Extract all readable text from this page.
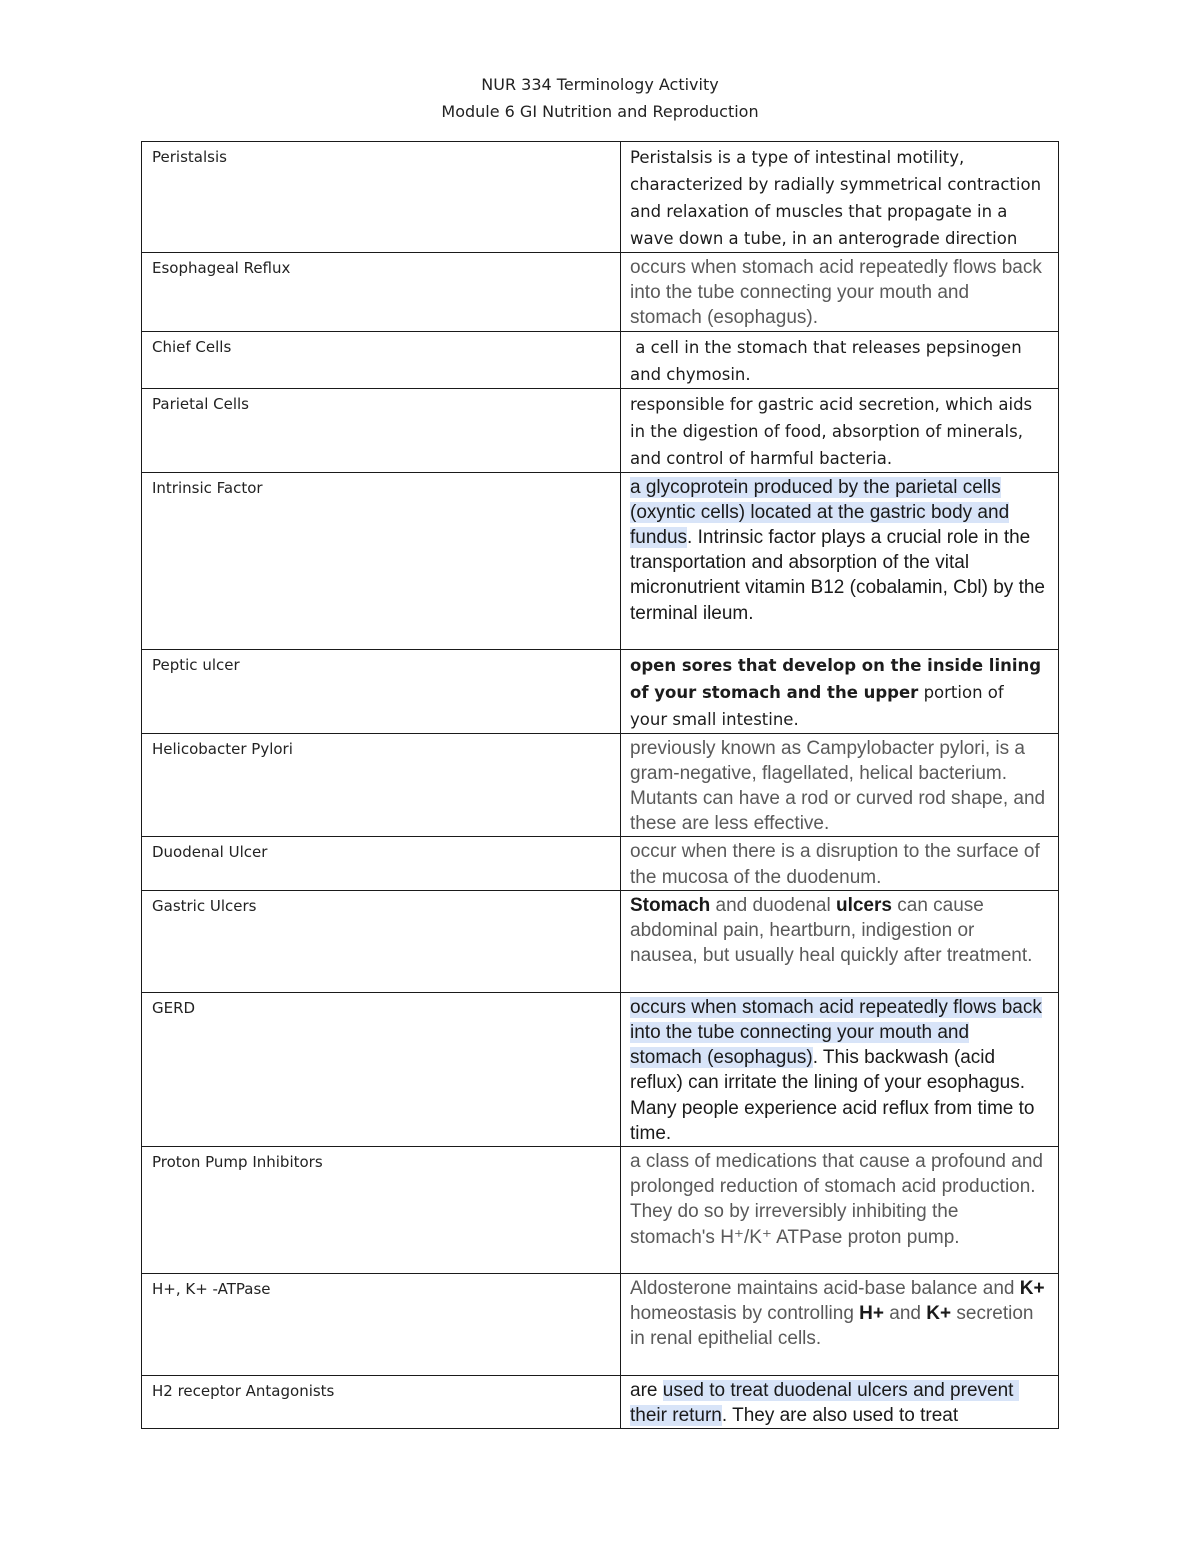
NUR 334 Terminology Activity
Module 6 GI Nutrition and Reproduction
Peristalsis	Peristalsis is a type of intestinal motility, characterized by radially symmetrical contraction and relaxation of muscles that propagate in a wave down a tube, in an anterograde direction

Esophageal Reflux	occurs when stomach acid repeatedly flows back into the tube connecting your mouth and stomach (esophagus).

Chief Cells	a cell in the stomach that releases pepsinogen and chymosin.

Parietal Cells	responsible for gastric acid secretion, which aids in the digestion of food, absorption of minerals, and control of harmful bacteria.

Intrinsic Factor	a glycoprotein produced by the parietal cells (oxyntic cells) located at the gastric body and fundus. Intrinsic factor plays a crucial role in the transportation and absorption of the vital micronutrient vitamin B12 (cobalamin, Cbl) by the terminal ileum.

Peptic ulcer	open sores that develop on the inside lining of your stomach and the upper portion of your small intestine.

Helicobacter Pylori	previously known as Campylobacter pylori, is a gram-negative, flagellated, helical bacterium. Mutants can have a rod or curved rod shape, and these are less effective.

Duodenal Ulcer	occur when there is a disruption to the surface of the mucosa of the duodenum.

Gastric Ulcers	Stomach and duodenal ulcers can cause abdominal pain, heartburn, indigestion or nausea, but usually heal quickly after treatment.

GERD	occurs when stomach acid repeatedly flows back into the tube connecting your mouth and stomach (esophagus). This backwash (acid reflux) can irritate the lining of your esophagus. Many people experience acid reflux from time to time.

Proton Pump Inhibitors	a class of medications that cause a profound and prolonged reduction of stomach acid production. They do so by irreversibly inhibiting the stomach's H⁺/K⁺ ATPase proton pump.

H+, K+ -ATPase	Aldosterone maintains acid-base balance and K+ homeostasis by controlling H+ and K+ secretion in renal epithelial cells.

H2 receptor Antagonists	are used to treat duodenal ulcers and prevent their return. They are also used to treat
